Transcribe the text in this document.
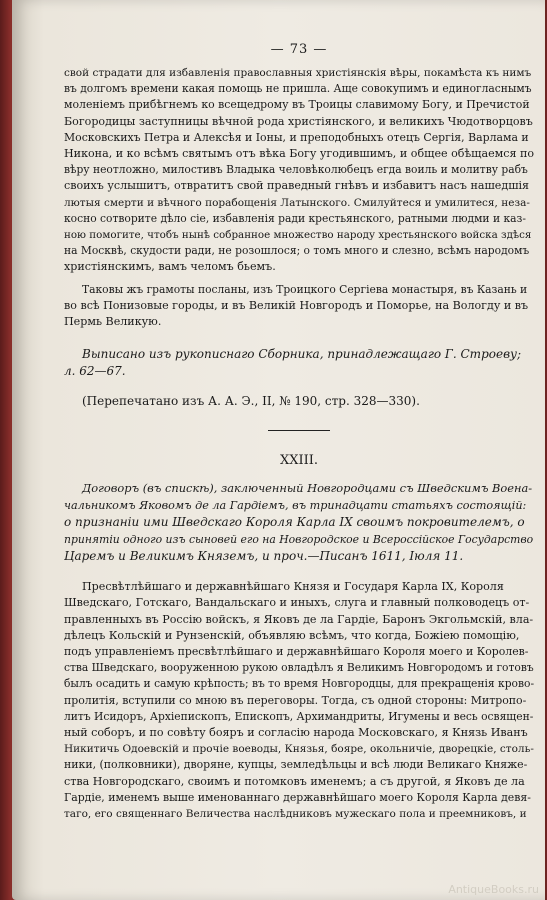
— 73 —
свой страдати для избавленія православныя христіянскія вѣры, покамѣста къ нимъ
въ долгомъ времени какая помощь не пришла. Аще совокупимъ и единогласнымъ
моленіемъ прибѣгнемъ ко всещедрому въ Троицы славимому Богу, и Пречистой
Богородицы заступницы вѣчной рода христіянского, и великихъ Чюдотворцовъ
Московскихъ Петра и Алексѣя и Іоны, и преподобныхъ отецъ Сергія, Варлама и
Никона, и ко всѣмъ святымъ отъ вѣка Богу угодившимъ, и общее обѣщаемся по
вѣру неотложно, милостивъ Владыка человѣколюбецъ егда воиль и молитву рабъ
своихъ услышитъ, отвратитъ свой праведный гнѣвъ и избавитъ насъ нашедшія
лютыя смерти и вѣчного порабощенія Латынского. Смилуйтеся и умилитеся, неза-
косно сотворите дѣло сіе, избавленія ради крестьянского, ратными людми и каз-
ною помогите, чтобъ нынѣ собранное множество народу хрестьянского войска здѣся
на Москвѣ, скудости ради, не розошлося; о томъ много и слезно, всѣмъ народомъ
христіянскимъ, вамъ челомъ бьемъ.
Таковы жъ грамоты посланы, изъ Троицкого Сергіева монастыря, въ Казань и
во всѣ Понизовые городы, и въ Великій Новгородъ и Поморье, на Вологду и въ
Пермь Великую.
Выписано изъ рукописнаго Сборника, принадлежащаго Г. Строеву;
л. 62—67.
(Перепечатано изъ А. А. Э., II, № 190, стр. 328—330).
XXIII.
Договоръ (въ спискѣ), заключенный Новгородцами съ Шведскимъ Военa-
чальникомъ Яковомъ де ла Гардіемъ, въ тринадцати статьяхъ состоящій:
о признаніи ими Шведскаго Короля Карла IX своимъ покровителемъ, о
принятіи одного изъ сыновей его на Новгородское и Всероссійское Государство
Царемъ и Великимъ Княземъ, и проч.—Писанъ 1611, Іюля 11.
Пресвѣтлѣйшаго и державнѣйшаго Князя и Государя Карла IX, Короля
Шведскаго, Готскаго, Вандальскаго и иныхъ, слуга и главный полководецъ от-
правленныхъ въ Россію войскъ, я Яковъ де ла Гардіе, Баронъ Экгольмскій, вла-
дѣлецъ Кольскій и Рунзенскій, объявляю всѣмъ, что когда, Божіею помощію,
подъ управленіемъ пресвѣтлѣйшаго и державнѣйшаго Короля моего и Королев-
ства Шведскаго, вооруженною рукою овладѣлъ я Великимъ Новгородомъ и готовъ
былъ осадить и самую крѣпость; въ то время Новгородцы, для прекращенія крово-
пролитія, вступили со мною въ переговоры. Тогда, съ одной стороны: Митропо-
литъ Исидоръ, Архіепископъ, Епископъ, Архимандриты, Игумены и весь освящен-
ный соборъ, и по совѣту бояръ и согласію народа Московскаго, я Князь Иванъ
Никитичь Одоевскій и прочіе воеводы, Князья, бояре, окольничіе, дворецкіе, столь-
ники, (полковники), дворяне, купцы, земледѣльцы и всѣ люди Великаго Княже-
ства Новгородскаго, своимъ и потомковъ именемъ; а съ другой, я Яковъ де ла
Гардіе, именемъ выше именованнаго державнѣйшаго моего Короля Карла девя-
таго, его священнаго Величества наслѣдниковъ мужескаго пола и преемниковъ, и
AntiqueBooks.ru
